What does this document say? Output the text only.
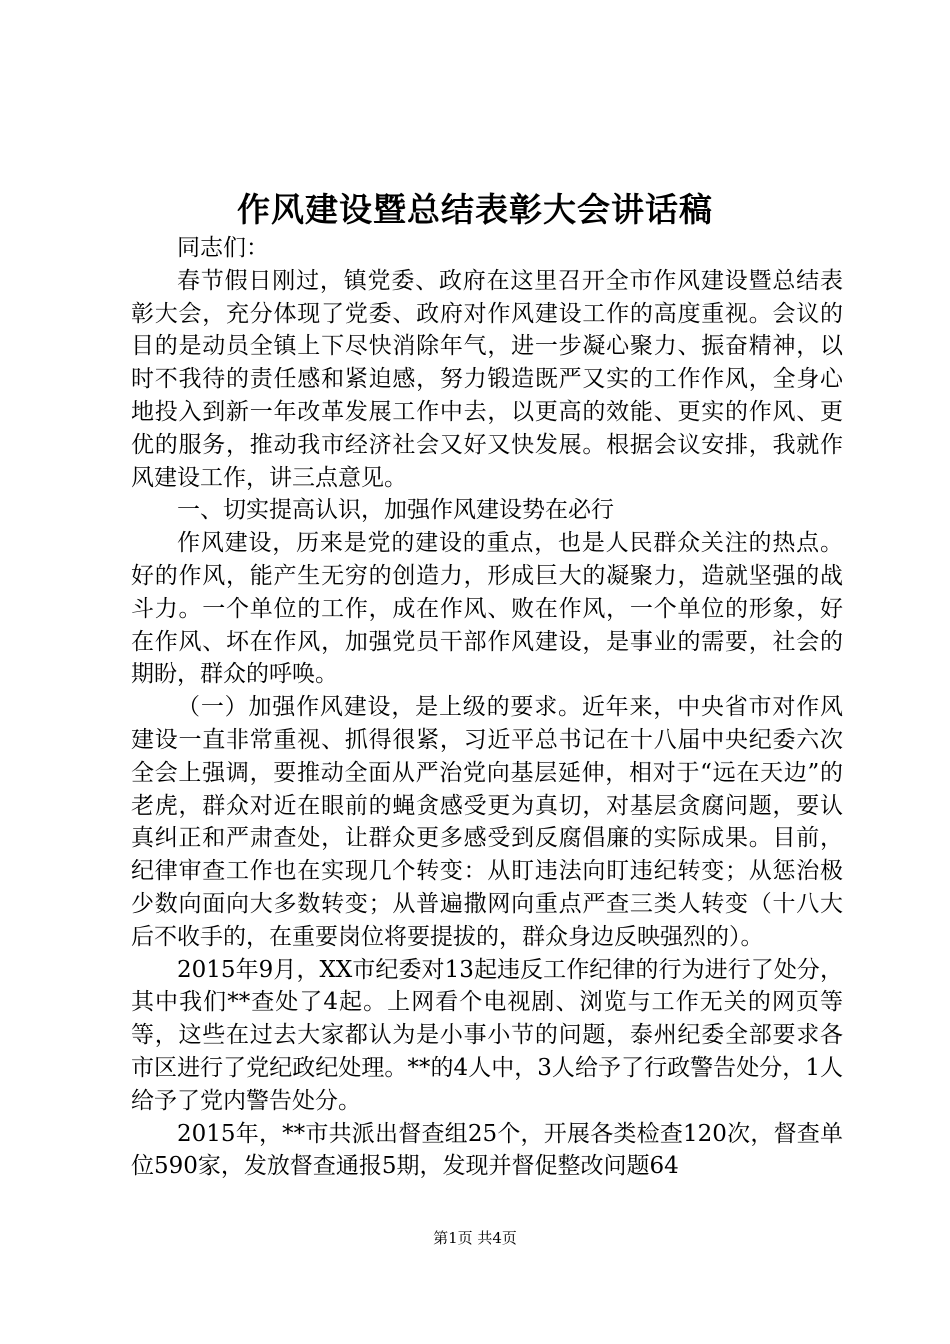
作风建设暨总结表彰大会讲话稿

同志们：

春节假日刚过，镇党委、政府在这里召开全市作风建设暨总结表彰大会，充分体现了党委、政府对作风建设工作的高度重视。会议的目的是动员全镇上下尽快消除年气，进一步凝心聚力、振奋精神，以时不我待的责任感和紧迫感，努力锻造既严又实的工作作风，全身心地投入到新一年改革发展工作中去，以更高的效能、更实的作风、更优的服务，推动我市经济社会又好又快发展。根据会议安排，我就作风建设工作，讲三点意见。

一、切实提高认识，加强作风建设势在必行

作风建设，历来是党的建设的重点，也是人民群众关注的热点。好的作风，能产生无穷的创造力，形成巨大的凝聚力，造就坚强的战斗力。一个单位的工作，成在作风、败在作风，一个单位的形象，好在作风、坏在作风，加强党员干部作风建设，是事业的需要，社会的期盼，群众的呼唤。

（一）加强作风建设，是上级的要求。近年来，中央省市对作风建设一直非常重视、抓得很紧，习近平总书记在十八届中央纪委六次全会上强调，要推动全面从严治党向基层延伸，相对于“远在天边”的老虎，群众对近在眼前的蝇贪感受更为真切，对基层贪腐问题，要认真纠正和严肃查处，让群众更多感受到反腐倡廉的实际成果。目前，纪律审查工作也在实现几个转变：从盯违法向盯违纪转变；从惩治极少数向面向大多数转变；从普遍撒网向重点严查三类人转变（十八大后不收手的，在重要岗位将要提拔的，群众身边反映强烈的）。

2015年9月，XX市纪委对13起违反工作纪律的行为进行了处分，其中我们**查处了4起。上网看个电视剧、浏览与工作无关的网页等等，这些在过去大家都认为是小事小节的问题，泰州纪委全部要求各市区进行了党纪政纪处理。**的4人中，3人给予了行政警告处分，1人给予了党内警告处分。

2015年，**市共派出督查组25个，开展各类检查120次，督查单位590家，发放督查通报5期，发现并督促整改问题64

第1页 共4页
